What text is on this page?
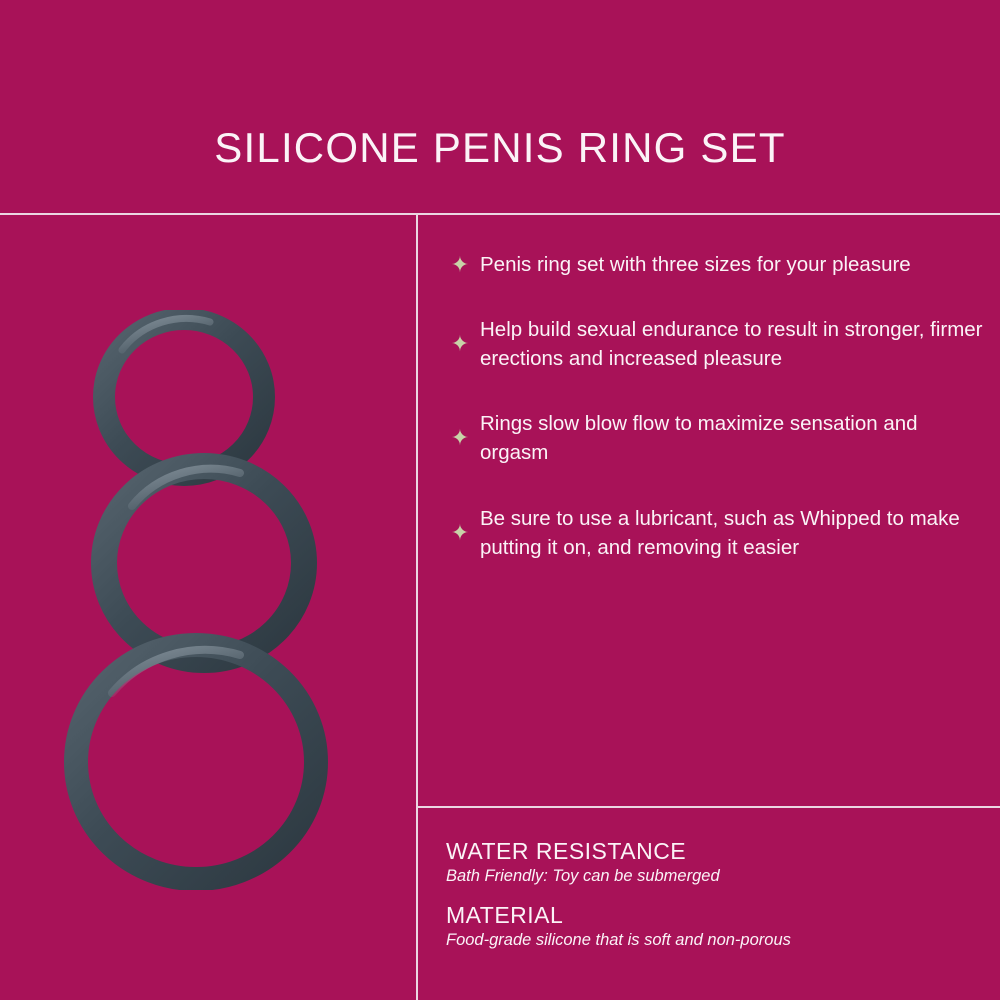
SILICONE PENIS RING SET
✦ Penis ring set with three sizes for your pleasure
✦
Help build sexual endurance to result in stronger, firmer erections and increased pleasure
✦
Rings slow blow flow to maximize sensation and orgasm
✦
Be sure to use a lubricant, such as Whipped to make putting it on, and removing it easier
WATER RESISTANCE
Bath Friendly: Toy can be submerged
MATERIAL
Food-grade silicone that is soft and non-porous
